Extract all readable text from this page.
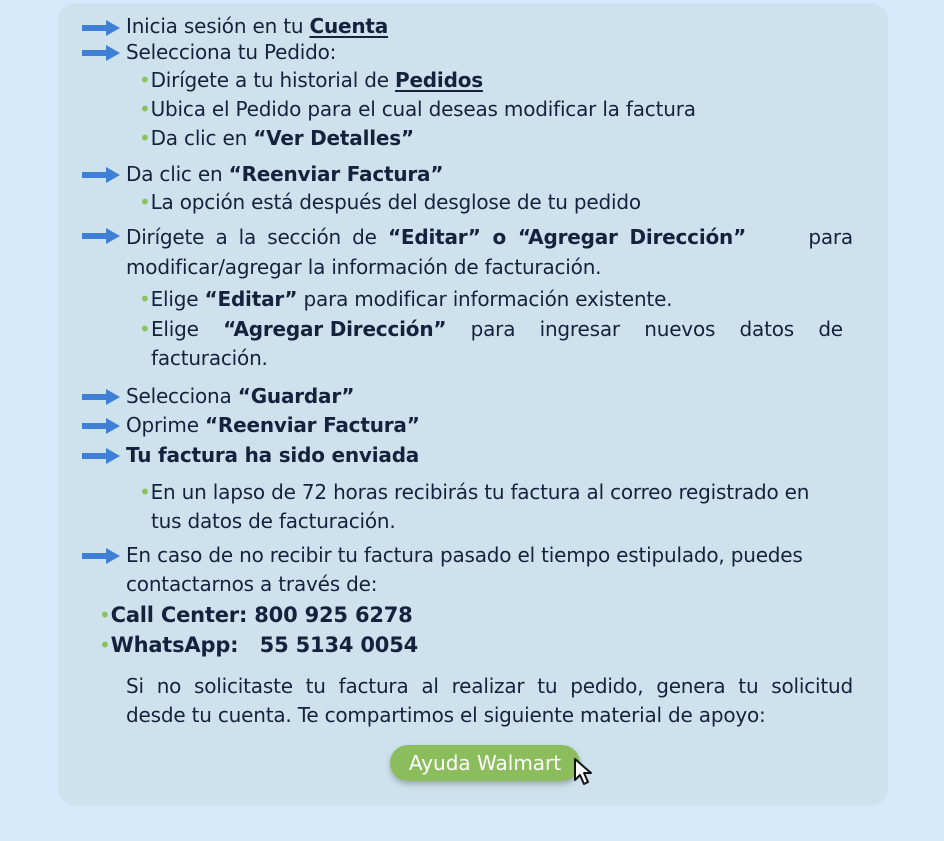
Inicia sesión en tu Cuenta
Selecciona tu Pedido:
•Dirígete a tu historial de Pedidos
•Ubica el Pedido para el cual deseas modificar la factura
•Da clic en “Ver Detalles”
Da clic en “Reenviar Factura”
•La opción está después del desglose de tu pedido
Dirígete a la sección de “Editar” o “Agregar Dirección”	para
modificar/agregar la información de facturación.
•Elige “Editar” para modificar información existente.
• Elige “Agregar Dirección” para ingresar nuevos datos de
facturación.
Selecciona “Guardar”
Oprime “Reenviar Factura”
Tu factura ha sido enviada
•En un lapso de 72 horas recibirás tu factura al correo registrado en
tus datos de facturación.
En caso de no recibir tu factura pasado el tiempo estipulado, puedes
contactarnos a través de:
•Call Center: 800 925 6278
•WhatsApp:   55 5134 0054
Si no solicitaste tu factura al realizar tu pedido, genera tu solicitud
desde tu cuenta. Te compartimos el siguiente material de apoyo:
Ayuda Walmart
